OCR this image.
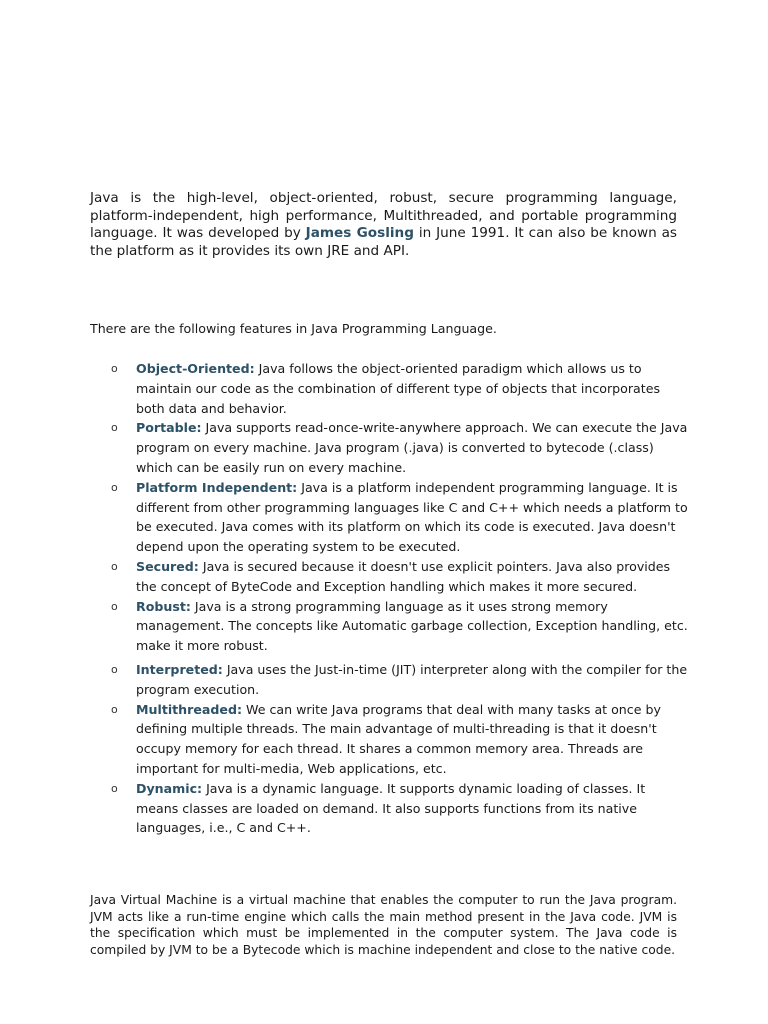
Java is the high-level, object-oriented, robust, secure programming language, platform-independent, high performance, Multithreaded, and portable programming language. It was developed by James Gosling in June 1991. It can also be known as the platform as it provides its own JRE and API.

There are the following features in Java Programming Language.

o Object-Oriented: Java follows the object-oriented paradigm which allows us to maintain our code as the combination of different type of objects that incorporates both data and behavior.
o Portable: Java supports read-once-write-anywhere approach. We can execute the Java program on every machine. Java program (.java) is converted to bytecode (.class) which can be easily run on every machine.
o Platform Independent: Java is a platform independent programming language. It is different from other programming languages like C and C++ which needs a platform to be executed. Java comes with its platform on which its code is executed. Java doesn't depend upon the operating system to be executed.
o Secured: Java is secured because it doesn't use explicit pointers. Java also provides the concept of ByteCode and Exception handling which makes it more secured.
o Robust: Java is a strong programming language as it uses strong memory management. The concepts like Automatic garbage collection, Exception handling, etc. make it more robust.
o Interpreted: Java uses the Just-in-time (JIT) interpreter along with the compiler for the program execution.
o Multithreaded: We can write Java programs that deal with many tasks at once by defining multiple threads. The main advantage of multi-threading is that it doesn't occupy memory for each thread. It shares a common memory area. Threads are important for multi-media, Web applications, etc.
o Dynamic: Java is a dynamic language. It supports dynamic loading of classes. It means classes are loaded on demand. It also supports functions from its native languages, i.e., C and C++.

Java Virtual Machine is a virtual machine that enables the computer to run the Java program. JVM acts like a run-time engine which calls the main method present in the Java code. JVM is the specification which must be implemented in the computer system. The Java code is compiled by JVM to be a Bytecode which is machine independent and close to the native code.
